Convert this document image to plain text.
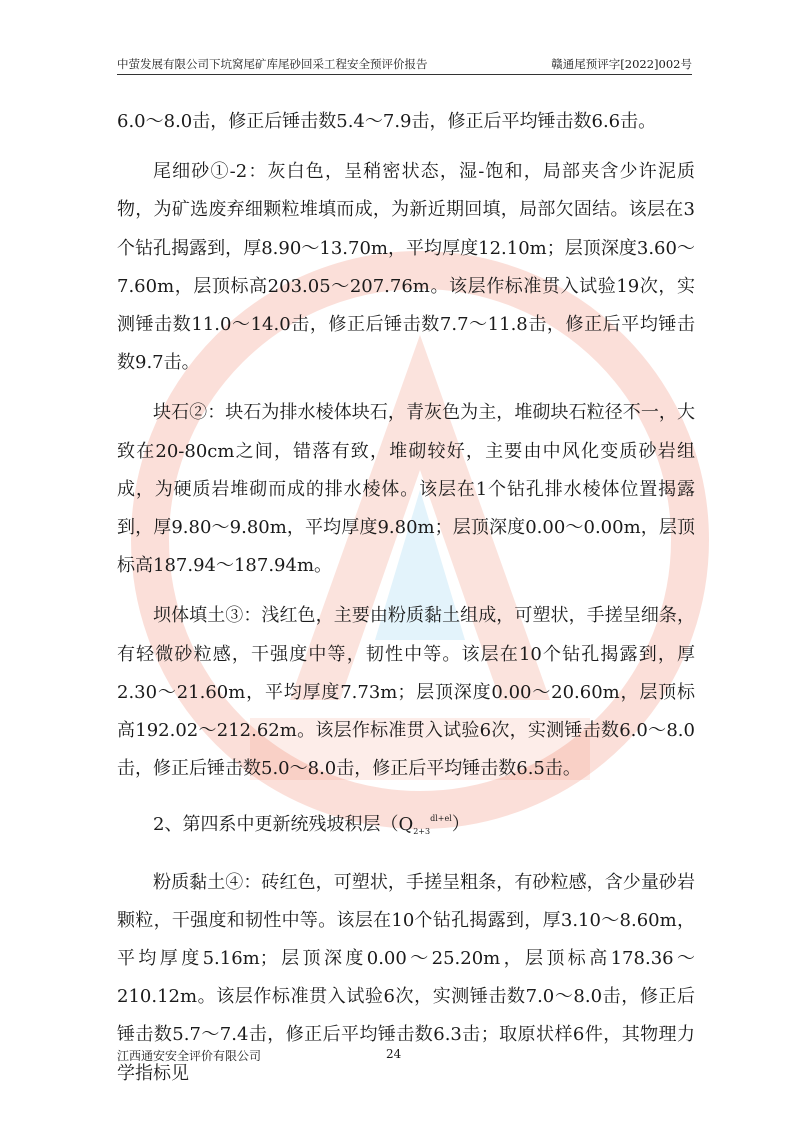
中萤发展有限公司下坑窝尾矿库尾砂回采工程安全预评价报告	赣通尾预评字[2022]002号

6.0～8.0击，修正后锤击数5.4～7.9击，修正后平均锤击数6.6击。

尾细砂①-2：灰白色，呈稍密状态，湿-饱和，局部夹含少许泥质物，为矿选废弃细颗粒堆填而成，为新近期回填，局部欠固结。该层在3个钻孔揭露到，厚8.90～13.70m，平均厚度12.10m；层顶深度3.60～7.60m，层顶标高203.05～207.76m。该层作标准贯入试验19次，实测锤击数11.0～14.0击，修正后锤击数7.7～11.8击，修正后平均锤击数9.7击。

块石②：块石为排水棱体块石，青灰色为主，堆砌块石粒径不一，大致在20-80cm之间，错落有致，堆砌较好，主要由中风化变质砂岩组成，为硬质岩堆砌而成的排水棱体。该层在1个钻孔排水棱体位置揭露到，厚9.80～9.80m，平均厚度9.80m；层顶深度0.00～0.00m，层顶标高187.94～187.94m。

坝体填土③：浅红色，主要由粉质黏土组成，可塑状，手搓呈细条，有轻微砂粒感，干强度中等，韧性中等。该层在10个钻孔揭露到，厚2.30～21.60m，平均厚度7.73m；层顶深度0.00～20.60m，层顶标高192.02～212.62m。该层作标准贯入试验6次，实测锤击数6.0～8.0击，修正后锤击数5.0～8.0击，修正后平均锤击数6.5击。

2、第四系中更新统残坡积层$(Q_{2+3}^{dl+el})$

粉质黏土④：砖红色，可塑状，手搓呈粗条，有砂粒感，含少量砂岩颗粒，干强度和韧性中等。该层在10个钻孔揭露到，厚3.10～8.60m，平均厚度5.16m；层顶深度0.00～25.20m，层顶标高178.36～210.12m。该层作标准贯入试验6次，实测锤击数7.0～8.0击，修正后锤击数5.7～7.4击，修正后平均锤击数6.3击；取原状样6件，其物理力学指标见

江西通安安全评价有限公司	24
